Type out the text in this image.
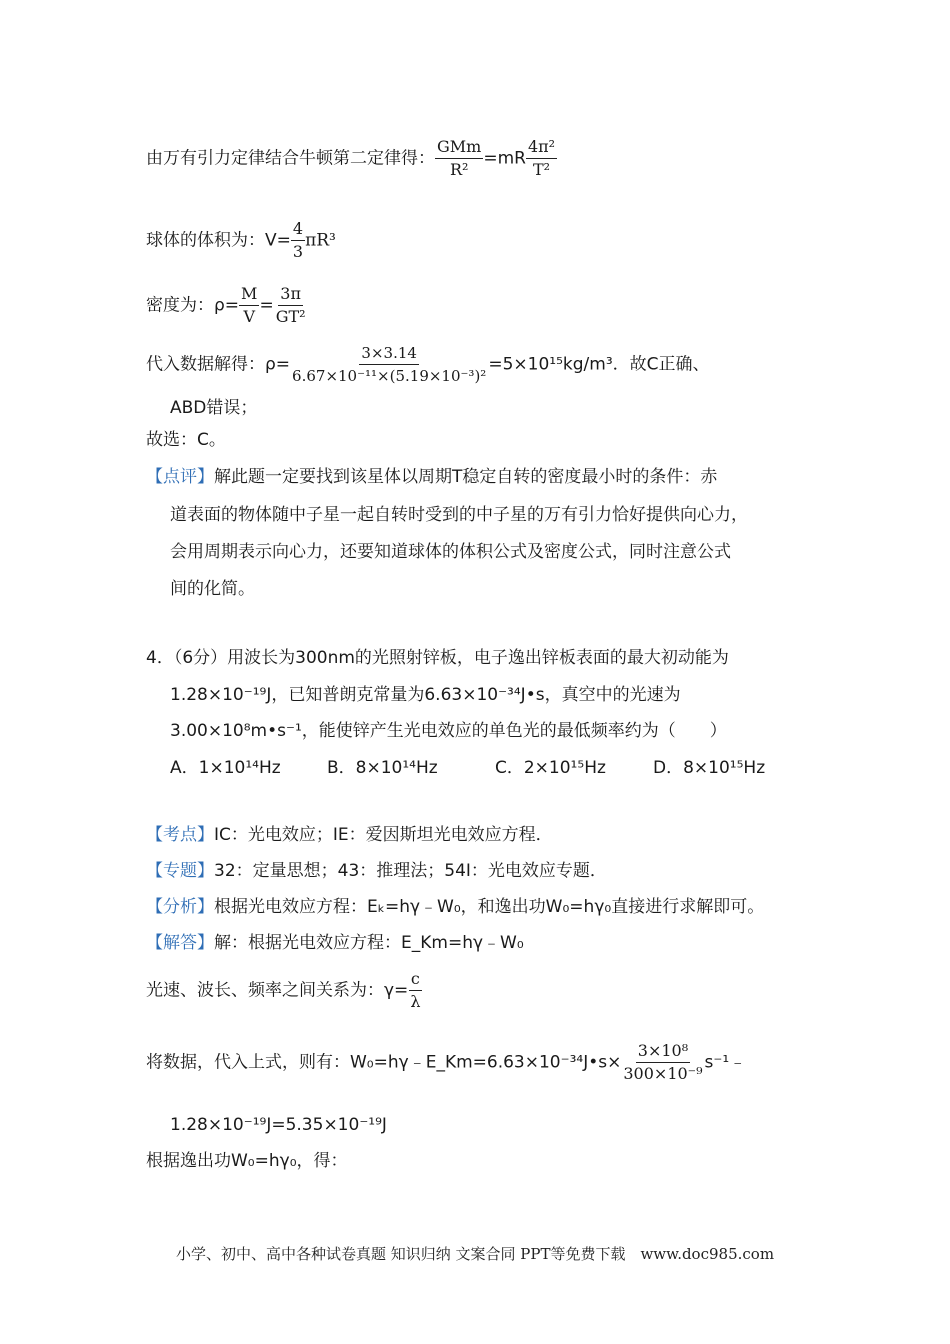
由万有引力定律结合牛顿第二定律得： $\frac{\text{GMm}}{\text{R²}} =mR \frac{\text{4π²}}{\text{T²}}$
球体的体积为：$V= \frac{4}{3} \pi R^3$
密度为：$\rho= \frac{M}{V} = \frac{3\pi}{\text{GT²}}$
代入数据解得：$\rho= \frac{3\times 3.14}{\text{6.67×10⁻¹¹×(5.19×10⁻³)²}} =5\times 10^{15}kg/m^3$．故C正确、
ABD错误；
故选：C。
【点评】解此题一定要找到该星体以周期T稳定自转的密度最小时的条件：赤
道表面的物体随中子星一起自转时受到的中子星的万有引力恰好提供向心力，
会用周期表示向心力，还要知道球体的体积公式及密度公式，同时注意公式
间的化简。
4．（6分）用波长为300nm的光照射锌板，电子逸出锌板表面的最大初动能为
1.28×10⁻¹⁹J，已知普朗克常量为6.63×10⁻³⁴J•s，真空中的光速为
3.00×10⁸m•s⁻¹，能使锌产生光电效应的单色光的最低频率约为（　　）
A．1×10¹⁴Hz	B．8×10¹⁴Hz	C．2×10¹⁵Hz	D．8×10¹⁵Hz
【考点】IC：光电效应；IE：爱因斯坦光电效应方程．
【专题】32：定量思想；43：推理法；54I：光电效应专题．
【分析】根据光电效应方程：Eₖ=hγ﹣W₀，和逸出功W₀=hγ₀直接进行求解即可。
【解答】解：根据光电效应方程：E_Km=hγ﹣W₀
光速、波长、频率之间关系为：$\gamma= \frac{c}{\lambda}$
将数据，代入上式，则有：W₀=hγ﹣E_Km=6.63×10⁻³⁴J•s× $\frac{\text{3×10⁸}}{\text{300×10⁻⁹}}$ s⁻¹﹣
1.28×10⁻¹⁹J=5.35×10⁻¹⁹J
根据逸出功W₀=hγ₀，得：
小学、初中、高中各种试卷真题 知识归纳 文案合同 PPT等免费下载　www.doc985.com
